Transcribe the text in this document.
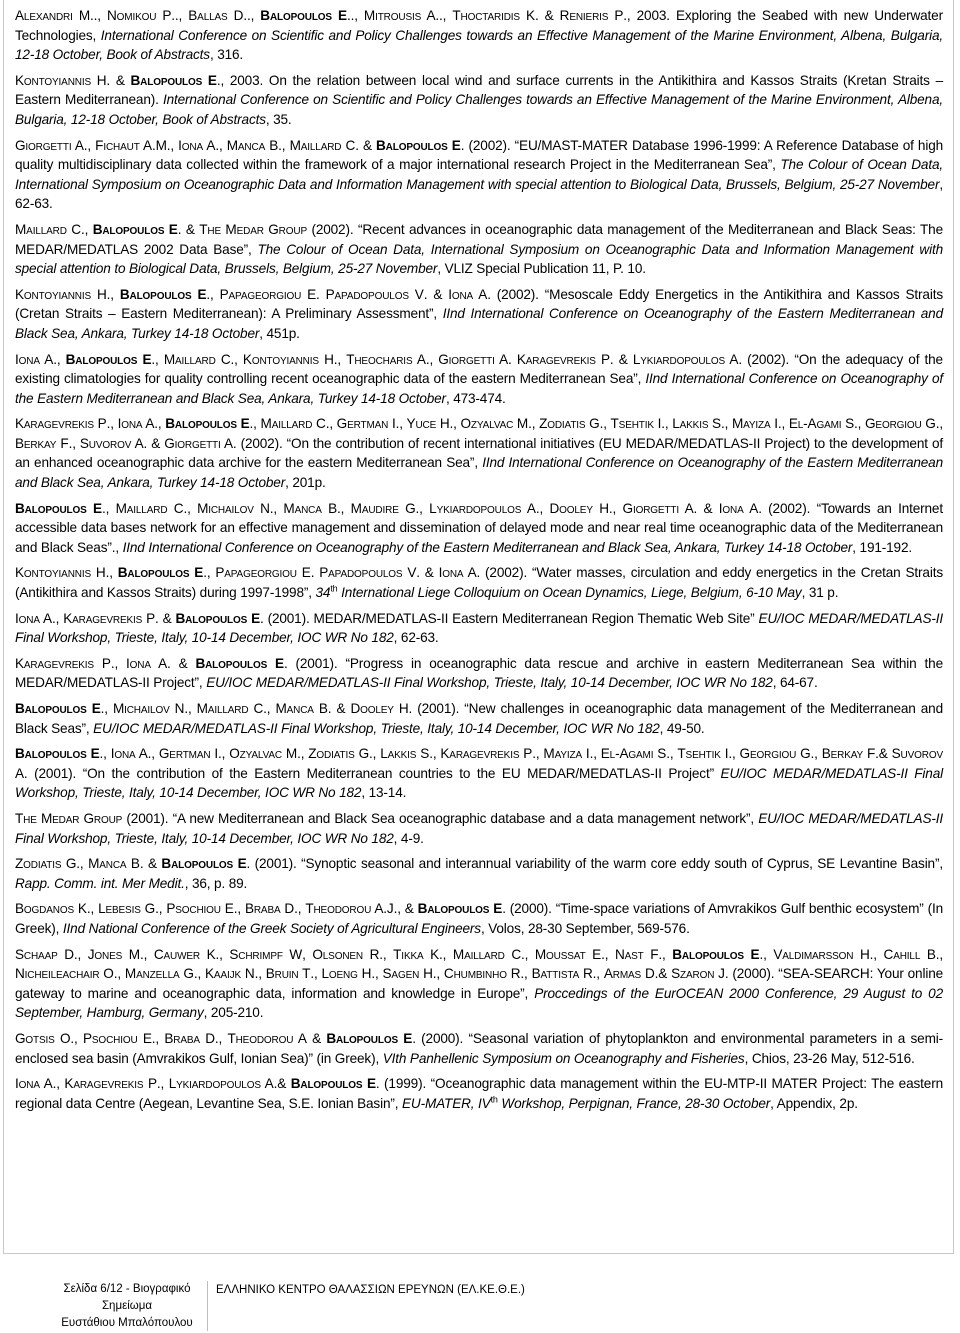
Alexandri M.., Nomikou P.., Ballas D.., Balopoulos E.., Mitrousis A.., Thoctaridis K. & Renieris P., 2003. Exploring the Seabed with new Underwater Technologies, International Conference on Scientific and Policy Challenges towards an Effective Management of the Marine Environment, Albena, Bulgaria, 12-18 October, Book of Abstracts, 316.

Kontoyiannis H. & Balopoulos E., 2003. On the relation between local wind and surface currents in the Antikithira and Kassos Straits (Kretan Straits – Eastern Mediterranean). International Conference on Scientific and Policy Challenges towards an Effective Management of the Marine Environment, Albena, Bulgaria, 12-18 October, Book of Abstracts, 35.

Giorgetti A., Fichaut A.M., Iona A., Manca B., Maillard C. & Balopoulos E. (2002). “EU/MAST-MATER Database 1996-1999: A Reference Database of high quality multidisciplinary data collected within the framework of a major international research Project in the Mediterranean Sea”, The Colour of Ocean Data, International Symposium on Oceanographic Data and Information Management with special attention to Biological Data, Brussels, Belgium, 25-27 November, 62-63.

Maillard C., Balopoulos E. & The Medar Group (2002). “Recent advances in oceanographic data management of the Mediterranean and Black Seas: The MEDAR/MEDATLAS 2002 Data Base”, The Colour of Ocean Data, International Symposium on Oceanographic Data and Information Management with special attention to Biological Data, Brussels, Belgium, 25-27 November, VLIZ Special Publication 11, P. 10.

Kontoyiannis H., Balopoulos E., Papageorgiou E. Papadopoulos V. & Iona A. (2002). “Mesoscale Eddy Energetics in the Antikithira and Kassos Straits (Cretan Straits – Eastern Mediterranean): A Preliminary Assessment”, IInd International Conference on Oceanography of the Eastern Mediterranean and Black Sea, Ankara, Turkey 14-18 October, 451p.

Iona A., Balopoulos E., Maillard C., Kontoyiannis H., Theocharis A., Giorgetti A. Karagevrekis P. & Lykiardopoulos A. (2002). “On the adequacy of the existing climatologies for quality controlling recent oceanographic data of the eastern Mediterranean Sea”, IInd International Conference on Oceanography of the Eastern Mediterranean and Black Sea, Ankara, Turkey 14-18 October, 473-474.

Karagevrekis P., Iona A., Balopoulos E., Maillard C., Gertman I., Yuce H., Ozyalvac M., Zodiatis G., Tsehtik I., Lakkis S., Mayiza I., El-Agami S., Georgiou G., Berkay F., Suvorov A. & Giorgetti A. (2002). “On the contribution of recent international initiatives (EU MEDAR/MEDATLAS-II Project) to the development of an enhanced oceanographic data archive for the eastern Mediterranean Sea”, IInd International Conference on Oceanography of the Eastern Mediterranean and Black Sea, Ankara, Turkey 14-18 October, 201p.

Balopoulos E., Maillard C., Michailov N., Manca B., Maudire G., Lykiardopoulos A., Dooley H., Giorgetti A. & Iona A. (2002). “Towards an Internet accessible data bases network for an effective management and dissemination of delayed mode and near real time oceanographic data of the Mediterranean and Black Seas”., IInd International Conference on Oceanography of the Eastern Mediterranean and Black Sea, Ankara, Turkey 14-18 October, 191-192.

Kontoyiannis H., Balopoulos E., Papageorgiou E. Papadopoulos V. & Iona A. (2002). “Water masses, circulation and eddy energetics in the Cretan Straits (Antikithira and Kassos Straits) during 1997-1998”, 34th International Liege Colloquium on Ocean Dynamics, Liege, Belgium, 6-10 May, 31 p.

Iona A., Karagevrekis P. & Balopoulos E. (2001). MEDAR/MEDATLAS-II Eastern Mediterranean Region Thematic Web Site” EU/IOC MEDAR/MEDATLAS-II Final Workshop, Trieste, Italy, 10-14 December, IOC WR No 182, 62-63.

Karagevrekis P., Iona A. & Balopoulos E. (2001). “Progress in oceanographic data rescue and archive in eastern Mediterranean Sea within the MEDAR/MEDATLAS-II Project”, EU/IOC MEDAR/MEDATLAS-II Final Workshop, Trieste, Italy, 10-14 December, IOC WR No 182, 64-67.

Balopoulos E., Michailov N., Maillard C., Manca B. & Dooley H. (2001). “New challenges in oceanographic data management of the Mediterranean and Black Seas”, EU/IOC MEDAR/MEDATLAS-II Final Workshop, Trieste, Italy, 10-14 December, IOC WR No 182, 49-50.

Balopoulos E., Iona A., Gertman I., Ozyalvac M., Zodiatis G., Lakkis S., Karagevrekis P., Mayiza I., El-Agami S., Tsehtik I., Georgiou G., Berkay F.& Suvorov A. (2001). “On the contribution of the Eastern Mediterranean countries to the EU MEDAR/MEDATLAS-II Project” EU/IOC MEDAR/MEDATLAS-II Final Workshop, Trieste, Italy, 10-14 December, IOC WR No 182, 13-14.

The Medar Group (2001). “A new Mediterranean and Black Sea oceanographic database and a data management network”, EU/IOC MEDAR/MEDATLAS-II Final Workshop, Trieste, Italy, 10-14 December, IOC WR No 182, 4-9.

Zodiatis G., Manca B. & Balopoulos E. (2001). “Synoptic seasonal and interannual variability of the warm core eddy south of Cyprus, SE Levantine Basin”, Rapp. Comm. int. Mer Medit., 36, p. 89.

Bogdanos K., Lebesis G., Psochiou E., Braba D., Theodorou A.J., & Balopoulos E. (2000). “Time-space variations of Amvrakikos Gulf benthic ecosystem” (In Greek), IInd National Conference of the Greek Society of Agricultural Engineers, Volos, 28-30 September, 569-576.

Schaap D., Jones M., Cauwer K., Schrimpf W, Olsonen R., Tikka K., Maillard C., Moussat E., Nast F., Balopoulos E., Valdimarsson H., Cahill B., Nicheileachair O., Manzella G., Kaaijk N., Bruin T., Loeng H., Sagen H., Chumbinho R., Battista R., Armas D.& Szaron J. (2000). “SEA-SEARCH: Your online gateway to marine and oceanographic data, information and knowledge in Europe”, Proccedings of the EurOCEAN 2000 Conference, 29 August to 02 September, Hamburg, Germany, 205-210.

Gotsis O., Psochiou E., Braba D., Theodorou A & Balopoulos E. (2000). “Seasonal variation of phytoplankton and environmental parameters in a semi-enclosed sea basin (Amvrakikos Gulf, Ionian Sea)” (in Greek), VIth Panhellenic Symposium on Oceanography and Fisheries, Chios, 23-26 May, 512-516.

Iona A., Karagevrekis P., Lykiardopoulos A.& Balopoulos E. (1999). “Oceanographic data management within the EU-MTP-II MATER Project: The eastern regional data Centre (Aegean, Levantine Sea, S.E. Ionian Basin”, EU-MATER, IVth Workshop, Perpignan, France, 28-30 October, Appendix, 2p.

Σελίδα 6/12 - Βιογραφικό
Σημείωμα
Ευστάθιου Μπαλόπουλου
ΕΛΛΗΝΙΚΟ ΚΕΝΤΡΟ ΘΑΛΑΣΣΙΩΝ ΕΡΕΥΝΩΝ (ΕΛ.ΚΕ.Θ.Ε.)
